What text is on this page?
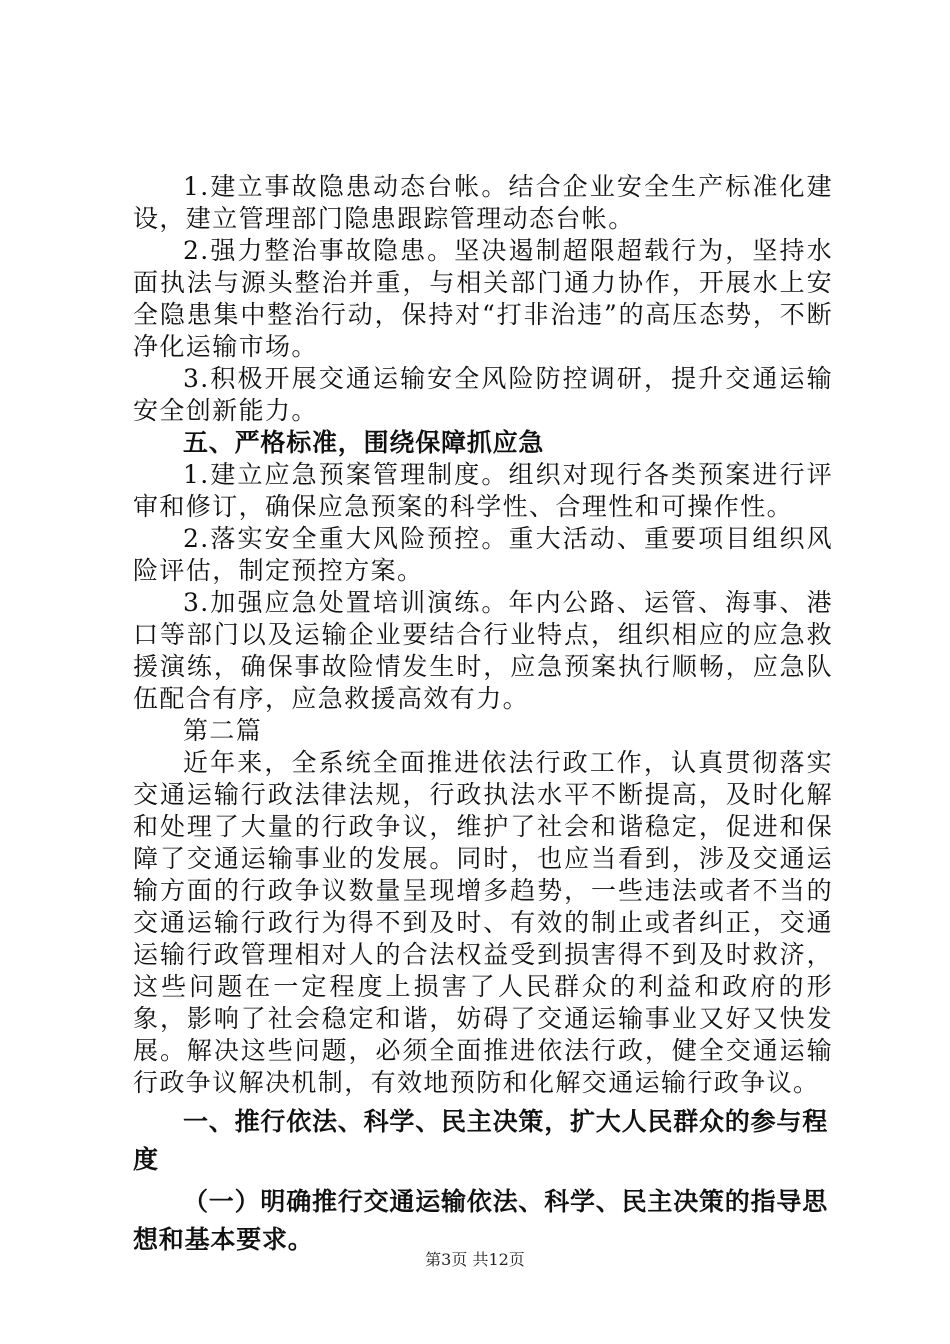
1.建立事故隐患动态台帐。结合企业安全生产标准化建设，建立管理部门隐患跟踪管理动态台帐。

2.强力整治事故隐患。坚决遏制超限超载行为，坚持水面执法与源头整治并重，与相关部门通力协作，开展水上安全隐患集中整治行动，保持对“打非治违”的高压态势，不断净化运输市场。

3.积极开展交通运输安全风险防控调研，提升交通运输安全创新能力。

五、严格标准，围绕保障抓应急

1.建立应急预案管理制度。组织对现行各类预案进行评审和修订，确保应急预案的科学性、合理性和可操作性。

2.落实安全重大风险预控。重大活动、重要项目组织风险评估，制定预控方案。

3.加强应急处置培训演练。年内公路、运管、海事、港口等部门以及运输企业要结合行业特点，组织相应的应急救援演练，确保事故险情发生时，应急预案执行顺畅，应急队伍配合有序，应急救援高效有力。

第二篇

近年来，全系统全面推进依法行政工作，认真贯彻落实交通运输行政法律法规，行政执法水平不断提高，及时化解和处理了大量的行政争议，维护了社会和谐稳定，促进和保障了交通运输事业的发展。同时，也应当看到，涉及交通运输方面的行政争议数量呈现增多趋势，一些违法或者不当的交通运输行政行为得不到及时、有效的制止或者纠正，交通运输行政管理相对人的合法权益受到损害得不到及时救济，这些问题在一定程度上损害了人民群众的利益和政府的形象，影响了社会稳定和谐，妨碍了交通运输事业又好又快发展。解决这些问题，必须全面推进依法行政，健全交通运输行政争议解决机制，有效地预防和化解交通运输行政争议。

一、推行依法、科学、民主决策，扩大人民群众的参与程度

（一）明确推行交通运输依法、科学、民主决策的指导思想和基本要求。

第3页 共12页
